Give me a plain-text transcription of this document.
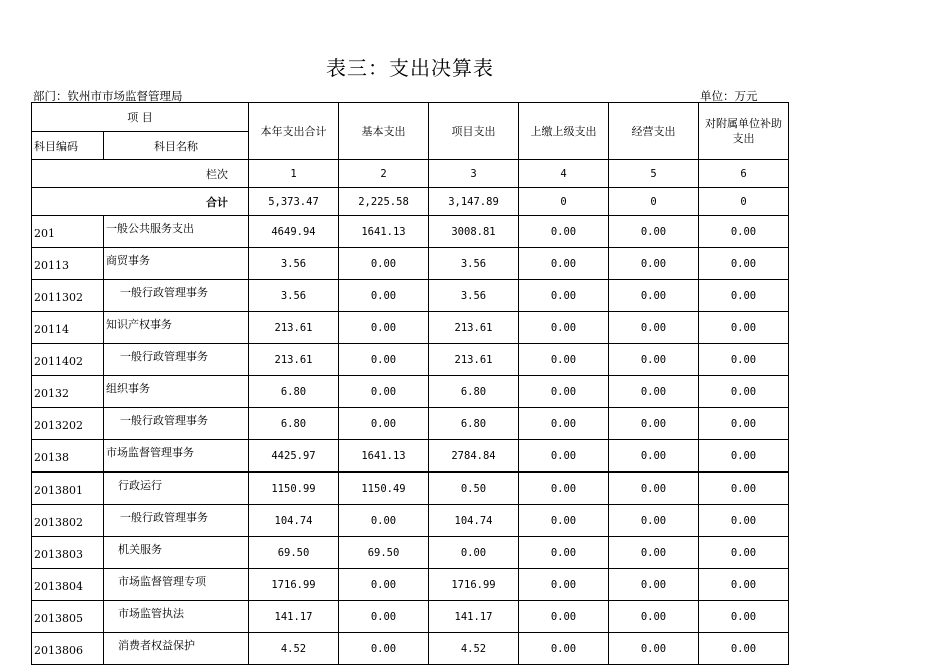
表三：支出决算表
部门：钦州市市场监督管理局	单位：万元
项 目		本年支出合计	基本支出	项目支出	上缴上级支出	经营支出	对附属单位补助支出
科目编码	科目名称						
	栏次	1	2	3	4	5	6
	合计	5,373.47	2,225.58	3,147.89	0	0	0
201	一般公共服务支出	4649.94	1641.13	3008.81	0.00	0.00	0.00
20113	商贸事务	3.56	0.00	3.56	0.00	0.00	0.00
2011302	一般行政管理事务	3.56	0.00	3.56	0.00	0.00	0.00
20114	知识产权事务	213.61	0.00	213.61	0.00	0.00	0.00
2011402	一般行政管理事务	213.61	0.00	213.61	0.00	0.00	0.00
20132	组织事务	6.80	0.00	6.80	0.00	0.00	0.00
2013202	一般行政管理事务	6.80	0.00	6.80	0.00	0.00	0.00
20138	市场监督管理事务	4425.97	1641.13	2784.84	0.00	0.00	0.00
2013801	行政运行	1150.99	1150.49	0.50	0.00	0.00	0.00
2013802	一般行政管理事务	104.74	0.00	104.74	0.00	0.00	0.00
2013803	机关服务	69.50	69.50	0.00	0.00	0.00	0.00
2013804	市场监督管理专项	1716.99	0.00	1716.99	0.00	0.00	0.00
2013805	市场监管执法	141.17	0.00	141.17	0.00	0.00	0.00
2013806	消费者权益保护	4.52	0.00	4.52	0.00	0.00	0.00
